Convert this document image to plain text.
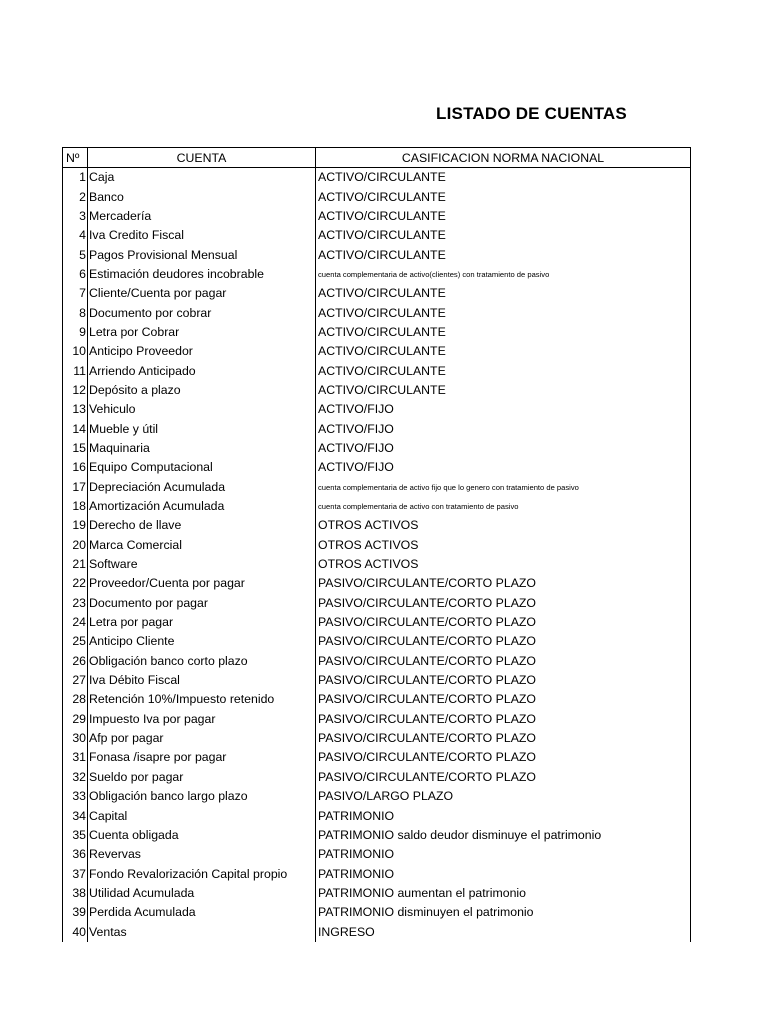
LISTADO DE CUENTAS
Nº	CUENTA	CASIFICACION NORMA NACIONAL
1	Caja	ACTIVO/CIRCULANTE
2	Banco	ACTIVO/CIRCULANTE
3	Mercadería	ACTIVO/CIRCULANTE
4	Iva Credito Fiscal	ACTIVO/CIRCULANTE
5	Pagos Provisional Mensual	ACTIVO/CIRCULANTE
6	Estimación deudores incobrable	cuenta complementaria de activo(clientes) con tratamiento de pasivo
7	Cliente/Cuenta por pagar	ACTIVO/CIRCULANTE
8	Documento por cobrar	ACTIVO/CIRCULANTE
9	Letra por Cobrar	ACTIVO/CIRCULANTE
10	Anticipo Proveedor	ACTIVO/CIRCULANTE
11	Arriendo Anticipado	ACTIVO/CIRCULANTE
12	Depósito a plazo	ACTIVO/CIRCULANTE
13	Vehiculo	ACTIVO/FIJO
14	Mueble y útil	ACTIVO/FIJO
15	Maquinaria	ACTIVO/FIJO
16	Equipo Computacional	ACTIVO/FIJO
17	Depreciación Acumulada	cuenta complementaria de activo fijo que lo genero con tratamiento de pasivo
18	Amortización Acumulada	cuenta complementaria de activo con tratamiento de pasivo
19	Derecho de llave	OTROS ACTIVOS
20	Marca Comercial	OTROS ACTIVOS
21	Software	OTROS ACTIVOS
22	Proveedor/Cuenta por pagar	PASIVO/CIRCULANTE/CORTO PLAZO
23	Documento por pagar	PASIVO/CIRCULANTE/CORTO PLAZO
24	Letra por pagar	PASIVO/CIRCULANTE/CORTO PLAZO
25	Anticipo Cliente	PASIVO/CIRCULANTE/CORTO PLAZO
26	Obligación banco corto plazo	PASIVO/CIRCULANTE/CORTO PLAZO
27	Iva Débito Fiscal	PASIVO/CIRCULANTE/CORTO PLAZO
28	Retención 10%/Impuesto retenido	PASIVO/CIRCULANTE/CORTO PLAZO
29	Impuesto Iva por pagar	PASIVO/CIRCULANTE/CORTO PLAZO
30	Afp por pagar	PASIVO/CIRCULANTE/CORTO PLAZO
31	Fonasa /isapre por pagar	PASIVO/CIRCULANTE/CORTO PLAZO
32	Sueldo por pagar	PASIVO/CIRCULANTE/CORTO PLAZO
33	Obligación banco largo plazo	PASIVO/LARGO PLAZO
34	Capital	PATRIMONIO
35	Cuenta obligada	PATRIMONIO saldo deudor disminuye el patrimonio
36	Revervas	PATRIMONIO
37	Fondo Revalorización Capital propio	PATRIMONIO
38	Utilidad Acumulada	PATRIMONIO aumentan el patrimonio
39	Perdida Acumulada	PATRIMONIO disminuyen el patrimonio
40	Ventas	INGRESO
